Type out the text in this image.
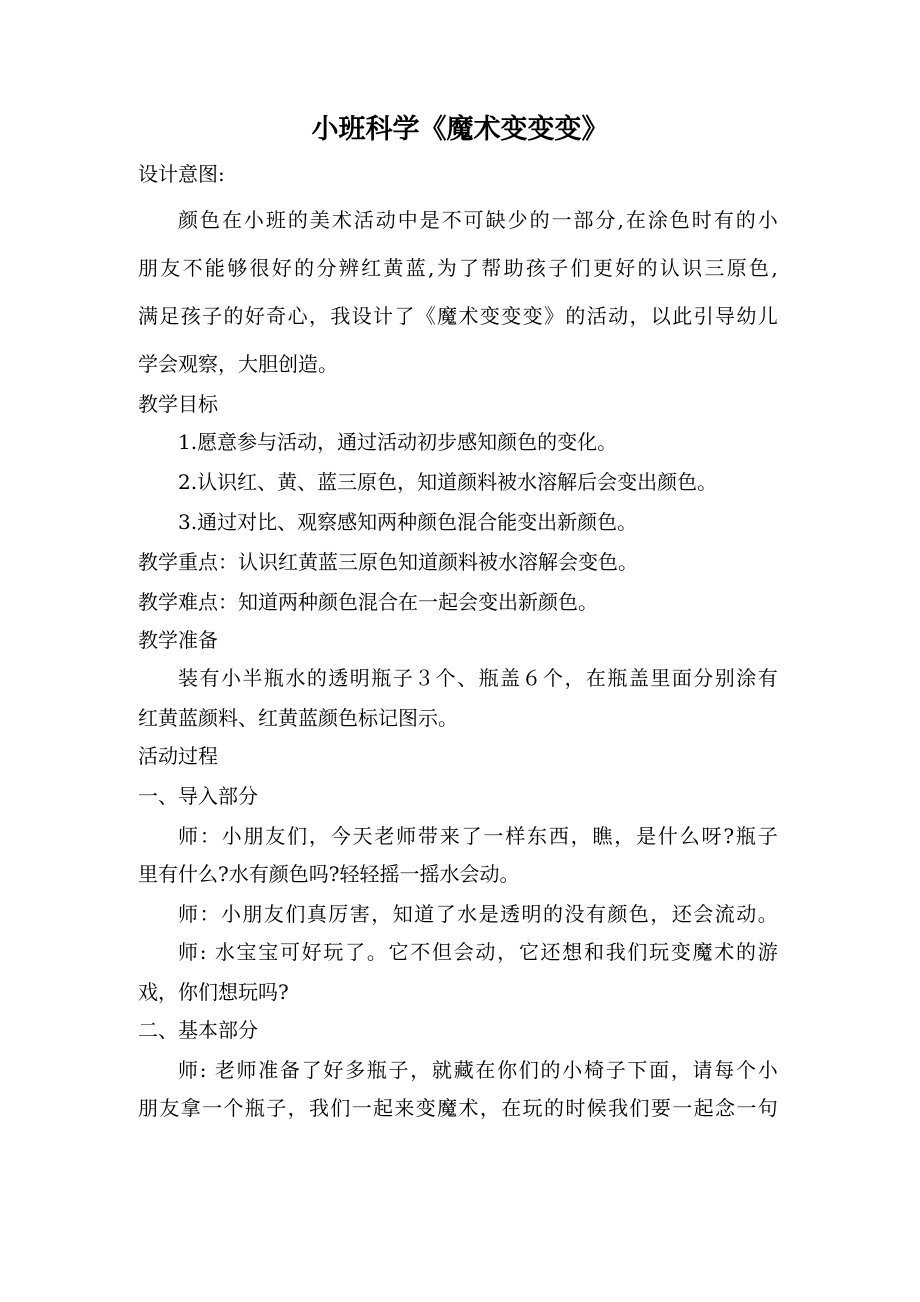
小班科学《魔术变变变》
设计意图:
颜色在小班的美术活动中是不可缺少的一部分,在涂色时有的小
朋友不能够很好的分辨红黄蓝,为了帮助孩子们更好的认识三原色,
满足孩子的好奇心，我设计了《魔术变变变》的活动，以此引导幼儿
学会观察，大胆创造。
教学目标
1.愿意参与活动，通过活动初步感知颜色的变化。
2.认识红、黄、蓝三原色，知道颜料被水溶解后会变出颜色。
3.通过对比、观察感知两种颜色混合能变出新颜色。
教学重点：认识红黄蓝三原色知道颜料被水溶解会变色。
教学难点：知道两种颜色混合在一起会变出新颜色。
教学准备
装有小半瓶水的透明瓶子３个、瓶盖６个，在瓶盖里面分别涂有
红黄蓝颜料、红黄蓝颜色标记图示。
活动过程
一、导入部分
师：小朋友们，今天老师带来了一样东西，瞧，是什么呀?瓶子
里有什么?水有颜色吗?轻轻摇一摇水会动。
师：小朋友们真厉害，知道了水是透明的没有颜色，还会流动。
师: 水宝宝可好玩了。它不但会动，它还想和我们玩变魔术的游
戏，你们想玩吗?
二、基本部分
师: 老师准备了好多瓶子，就藏在你们的小椅子下面，请每个小
朋友拿一个瓶子，我们一起来变魔术，在玩的时候我们要一起念一句
